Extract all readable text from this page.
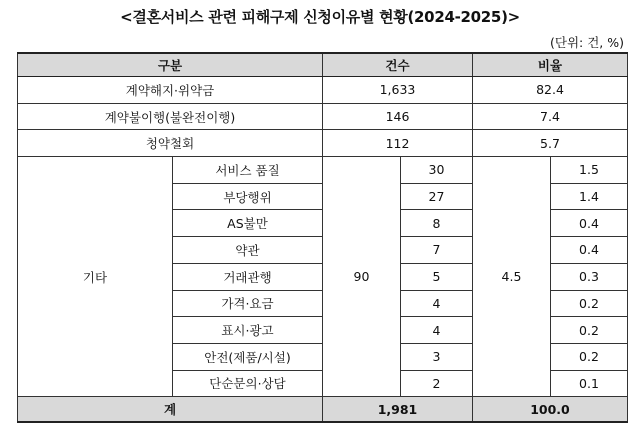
<결혼서비스 관련 피해구제 신청이유별 현황(2024-2025)>
(단위: 건, %)
구분		건수		비율	
계약해지·위약금		1,633		82.4	
계약불이행(불완전이행)		146		7.4	
청약철회		112		5.7	
기타	서비스 품질	90	30	4.5	1.5
	부당행위		27		1.4
	AS불만		8		0.4
	약관		7		0.4
	거래관행		5		0.3
	가격·요금		4		0.2
	표시·광고		4		0.2
	안전(제품/시설)		3		0.2
	단순문의·상담		2		0.1
계		1,981		100.0	
